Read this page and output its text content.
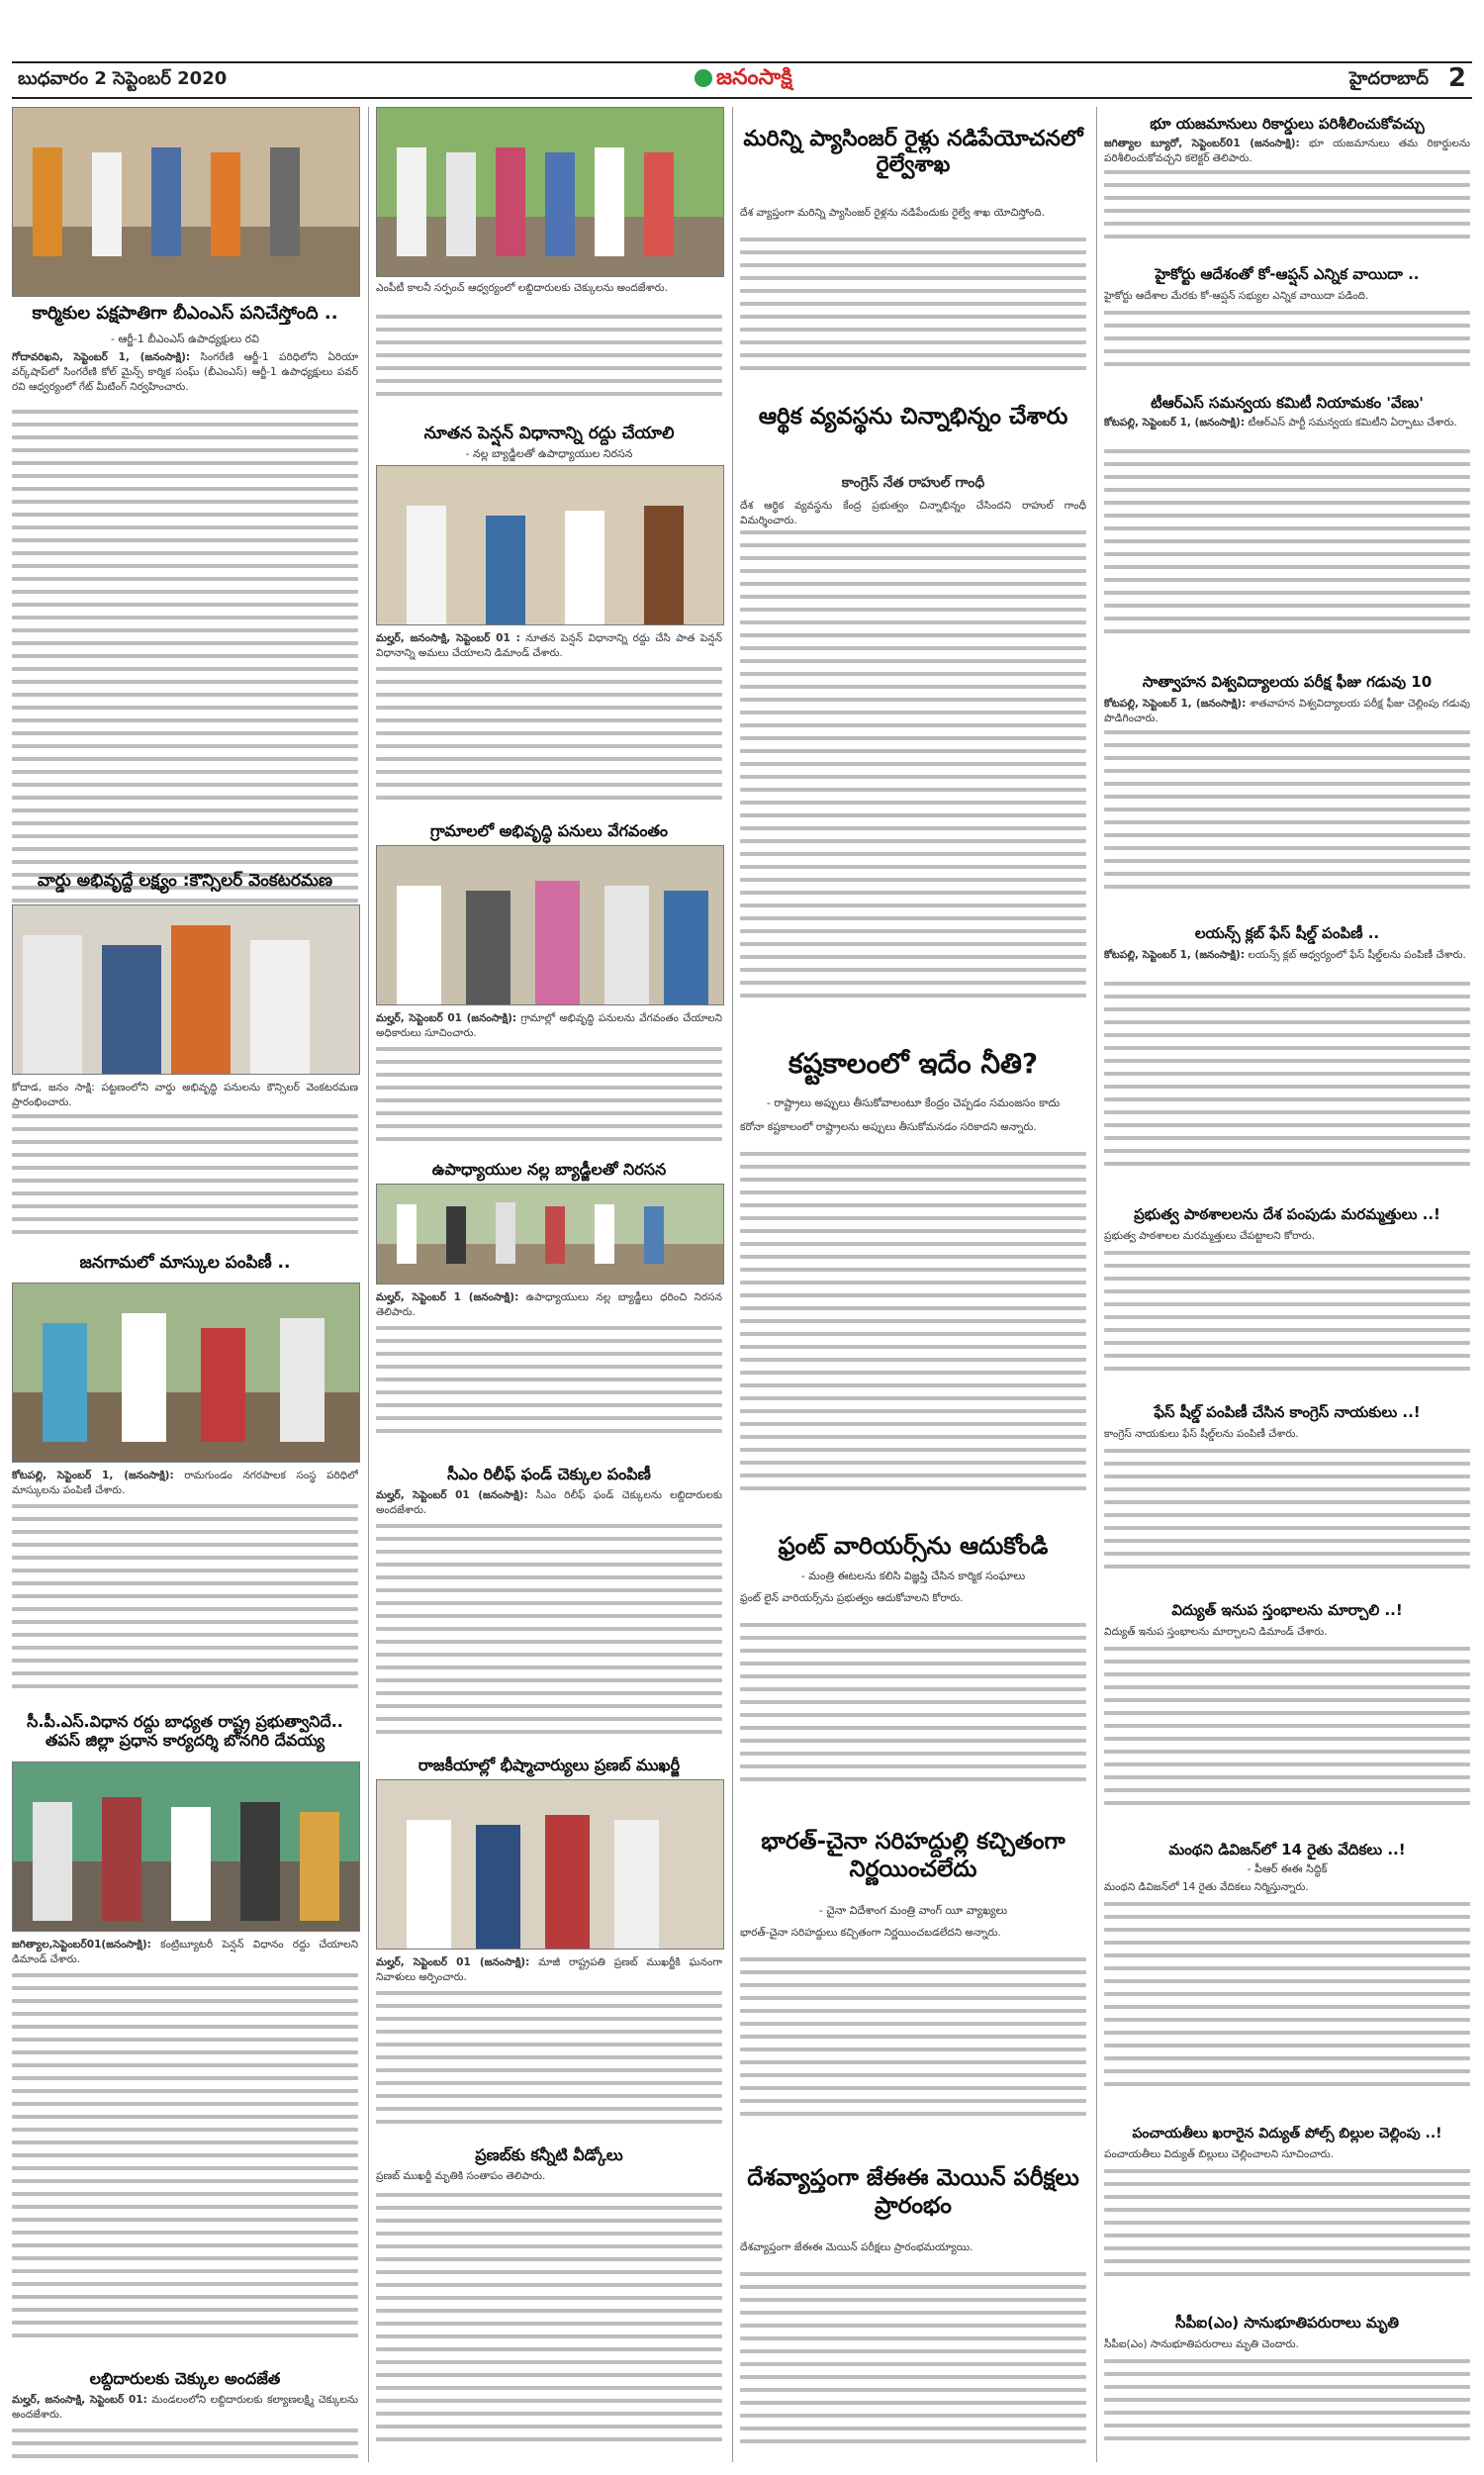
బుధవారం 2 సెప్టెంబర్ 2020	జనంసాక్షి	హైదరాబాద్ 2
కార్మికుల పక్షపాతిగా బీఎంఎస్ పనిచేస్తోంది ..
- ఆర్జీ-1 బీఎంఎస్ ఉపాధ్యక్షులు రవి

గోదావరిఖని, సెప్టెంబర్ 1, (జనంసాక్షి): సింగరేణి ఆర్జీ-1 పరిధిలోని ఏరియా వర్క్‌షాప్‌లో సింగరేణి కోల్ మైన్స్ కార్మిక సంఘ్ (బీఎంఎస్) ఆర్జీ-1 ఉపాధ్యక్షులు పవర్ రవి ఆధ్వర్యంలో గేట్ మీటింగ్ నిర్వహించారు.

వార్డు అభివృద్దే లక్ష్యం :కౌన్సిలర్ వెంకటరమణ
కోదాడ, జనం సాక్షి: పట్టణంలోని వార్డు అభివృద్ధి పనులను కౌన్సిలర్ వెంకటరమణ ప్రారంభించారు.
జనగామలో మాస్కుల పంపిణీ ..

కోటపల్లి, సెప్టెంబర్ 1, (జనంసాక్షి): రామగుండం నగరపాలక సంస్థ పరిధిలో మాస్కులను పంపిణీ చేశారు.

సీ.పీ.ఎస్.విధాన రద్దు బాధ్యత రాష్ట్ర ప్రభుత్వానిదే.. తపస్ జిల్లా ప్రధాన కార్యదర్శి బోనగిరి దేవయ్య

జగిత్యాల,సెప్టెంబర్01(జనంసాక్షి): కంట్రిబ్యూటరీ పెన్షన్ విధానం రద్దు చేయాలని డిమాండ్ చేశారు.

లబ్దిదారులకు చెక్కుల అందజేత

మల్హర్, జనంసాక్షి, సెప్టెంబర్ 01: మండలంలోని లబ్దిదారులకు కల్యాణలక్ష్మి చెక్కులను అందజేశారు.

ఎంపీటీ కాలనీ సర్పంచ్ ఆధ్వర్యంలో లబ్దిదారులకు చెక్కులను అందజేశారు.
నూతన పెన్షన్ విధానాన్ని రద్దు చేయాలి
- నల్ల బ్యాడ్జీలతో ఉపాధ్యాయుల నిరసన

మల్హర్, జనంసాక్షి, సెప్టెంబర్ 01 : నూతన పెన్షన్ విధానాన్ని రద్దు చేసి పాత పెన్షన్ విధానాన్ని అమలు చేయాలని డిమాండ్ చేశారు.

గ్రామాలలో అభివృద్ధి పనులు వేగవంతం

మల్హర్, సెప్టెంబర్ 01 (జనంసాక్షి): గ్రామాల్లో అభివృద్ధి పనులను వేగవంతం చేయాలని అధికారులు సూచించారు.

ఉపాధ్యాయుల నల్ల బ్యాడ్జీలతో నిరసన

మల్హర్, సెప్టెంబర్ 1 (జనంసాక్షి): ఉపాధ్యాయులు నల్ల బ్యాడ్జీలు ధరించి నిరసన తెలిపారు.

సీఎం రిలీఫ్ ఫండ్ చెక్కుల పంపిణీ

మల్హర్, సెప్టెంబర్ 01 (జనంసాక్షి): సీఎం రిలీఫ్ ఫండ్ చెక్కులను లబ్దిదారులకు అందజేశారు.

రాజకీయాల్లో భీష్మాచార్యులు ప్రణబ్ ముఖర్జీ

మల్హర్, సెప్టెంబర్ 01 (జనంసాక్షి): మాజీ రాష్ట్రపతి ప్రణబ్ ముఖర్జీకి ఘనంగా నివాళులు అర్పించారు.

ప్రణబ్‌కు కన్నీటి వీడ్కోలు
ప్రణబ్ ముఖర్జీ మృతికి సంతాపం తెలిపారు.
మరిన్ని ప్యాసింజర్ రైళ్లు నడిపేయోచనలో రైల్వేశాఖ
దేశ వ్యాప్తంగా మరిన్ని ప్యాసింజర్ రైళ్లను నడిపేందుకు రైల్వే శాఖ యోచిస్తోంది.
ఆర్థిక వ్యవస్థను చిన్నాభిన్నం చేశారు
కాంగ్రెస్ నేత రాహుల్ గాంధీ
దేశ ఆర్థిక వ్యవస్థను కేంద్ర ప్రభుత్వం చిన్నాభిన్నం చేసిందని రాహుల్ గాంధీ విమర్శించారు.
కష్టకాలంలో ఇదేం నీతి?
- రాష్ట్రాలు అప్పులు తీసుకోవాలంటూ కేంద్రం చెప్పడం సమంజసం కాదు
కరోనా కష్టకాలంలో రాష్ట్రాలను అప్పులు తీసుకోమనడం సరికాదని అన్నారు.
ఫ్రంట్ వారియర్స్‌ను ఆదుకోండి
- మంత్రి ఈటలను కలిసి విజ్ఞప్తి చేసిన కార్మిక సంఘాలు
ఫ్రంట్ లైన్ వారియర్స్‌ను ప్రభుత్వం ఆదుకోవాలని కోరారు.
భారత్-చైనా సరిహద్దుల్లి కచ్చితంగా నిర్ణయించలేదు
- చైనా విదేశాంగ మంత్రి వాంగ్ యీ వ్యాఖ్యలు
భారత్-చైనా సరిహద్దులు కచ్చితంగా నిర్ణయించబడలేదని అన్నారు.
దేశవ్యాప్తంగా జేఈఈ మెయిన్ పరీక్షలు ప్రారంభం
దేశవ్యాప్తంగా జేఈఈ మెయిన్ పరీక్షలు ప్రారంభమయ్యాయి.
భూ యజమానులు రికార్డులు పరిశీలించుకోవచ్చు

జగిత్యాల బ్యూరో, సెప్టెంబర్01 (జనంసాక్షి): భూ యజమానులు తమ రికార్డులను పరిశీలించుకోవచ్చని కలెక్టర్ తెలిపారు.

హైకోర్టు ఆదేశంతో కో-ఆప్షన్ ఎన్నిక వాయిదా ..
హైకోర్టు ఆదేశాల మేరకు కో-ఆప్షన్ సభ్యుల ఎన్నిక వాయిదా పడింది.
టీఆర్ఎస్ సమన్వయ కమిటీ నియామకం 'వేణు'

కోటపల్లి, సెప్టెంబర్ 1, (జనంసాక్షి): టీఆర్ఎస్ పార్టీ సమన్వయ కమిటీని ఏర్పాటు చేశారు.

సాత్వాహన విశ్వవిద్యాలయ పరీక్ష ఫీజు గడువు 10

కోటపల్లి, సెప్టెంబర్ 1, (జనంసాక్షి): శాతవాహన విశ్వవిద్యాలయ పరీక్ష ఫీజు చెల్లింపు గడువు పొడిగించారు.

లయన్స్ క్లబ్ ఫేస్ షీల్డ్ పంపిణీ ..

కోటపల్లి, సెప్టెంబర్ 1, (జనంసాక్షి): లయన్స్ క్లబ్ ఆధ్వర్యంలో ఫేస్ షీల్డ్‌లను పంపిణీ చేశారు.

ప్రభుత్వ పాఠశాలలను దేశ పంపుడు మరమ్మత్తులు ..!
ప్రభుత్వ పాఠశాలల మరమ్మత్తులు చేపట్టాలని కోరారు.
ఫేస్ షీల్డ్ పంపిణీ చేసిన కాంగ్రెస్ నాయకులు ..!
కాంగ్రెస్ నాయకులు ఫేస్ షీల్డ్‌లను పంపిణీ చేశారు.
విద్యుత్ ఇనుప స్తంభాలను మార్చాలి ..!
విద్యుత్ ఇనుప స్తంభాలను మార్చాలని డిమాండ్ చేశారు.
మంథని డివిజన్‌లో 14 రైతు వేదికలు ..!
- పీఆర్ ఈఈ సిద్ధిక్
మంథని డివిజన్‌లో 14 రైతు వేదికలు నిర్మిస్తున్నారు.
పంచాయతీలు ఖరారైన విద్యుత్ పోల్స్ బిల్లుల చెల్లింపు ..!
పంచాయతీలు విద్యుత్ బిల్లులు చెల్లించాలని సూచించారు.
సీపీఐ(ఎం) సానుభూతిపరురాలు మృతి
సీపీఐ(ఎం) సానుభూతిపరురాలు మృతి చెందారు.
